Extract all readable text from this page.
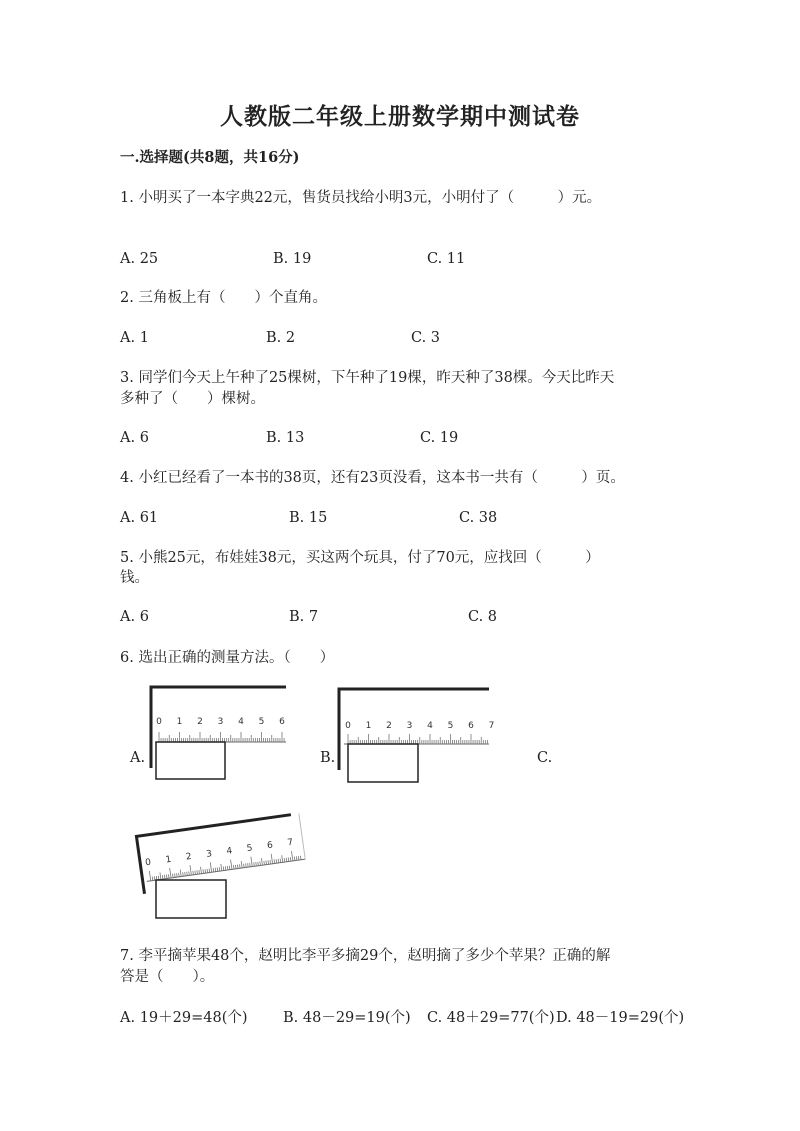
人教版二年级上册数学期中测试卷
一.选择题(共8题，共16分)
1. 小明买了一本字典22元，售货员找给小明3元，小明付了（　　　）元。
A. 25	B. 19	C. 11
2. 三角板上有（　　）个直角。
A. 1	B. 2	C. 3
3. 同学们今天上午种了25棵树，下午种了19棵，昨天种了38棵。今天比昨天
多种了（　　）棵树。
A. 6	B. 13	C. 19
4. 小红已经看了一本书的38页，还有23页没看，这本书一共有（　　　）页。
A. 61	B. 15	C. 38
5. 小熊25元，布娃娃38元，买这两个玩具，付了70元，应找回（　　　）
钱。
A. 6	B. 7	C. 8
6. 选出正确的测量方法。（　　）
A.	B.	C.
0 1 2 3 4 5 6	0 1 2 3 4 5 6 7
0 1 2 3 4 5 6 7
7. 李平摘苹果48个，赵明比李平多摘29个，赵明摘了多少个苹果？正确的解
答是（　　）。
A. 19＋29=48(个) B. 48－29=19(个) C. 48＋29=77(个) D. 48－19=29(个)
